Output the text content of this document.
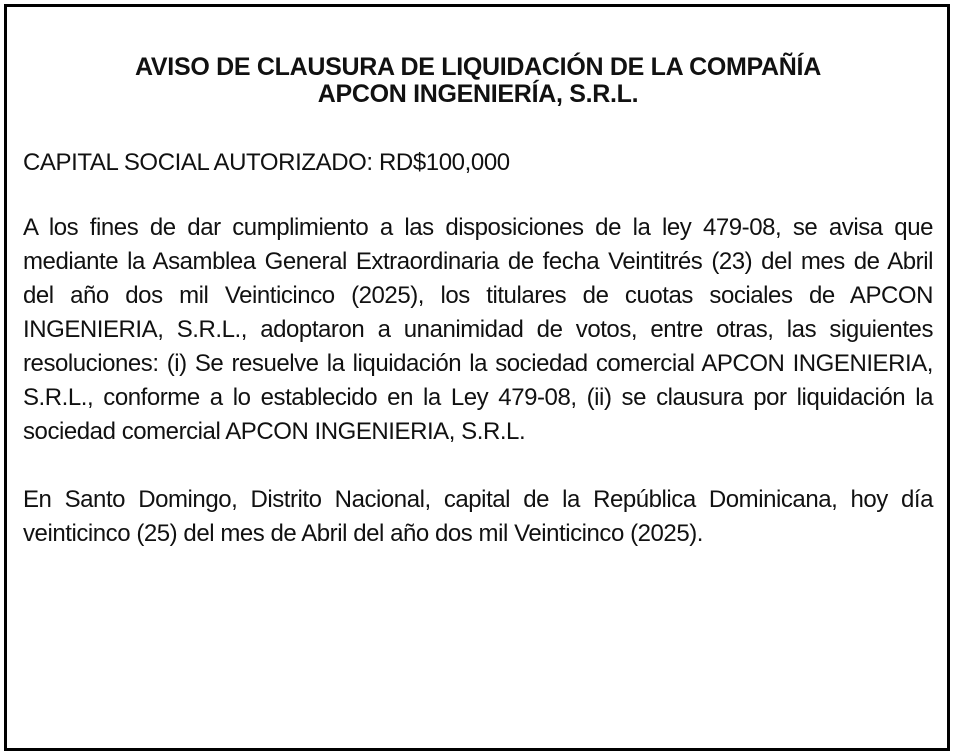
AVISO DE CLAUSURA DE LIQUIDACIÓN DE LA COMPAÑÍA
APCON INGENIERÍA, S.R.L.

CAPITAL SOCIAL AUTORIZADO: RD$100,000

A los fines de dar cumplimiento a las disposiciones de la ley 479-08, se avisa que mediante la Asamblea General Extraordinaria de fecha Veintitrés (23) del mes de Abril del año dos mil Veinticinco (2025), los titulares de cuotas sociales de APCON INGENIERIA, S.R.L., adoptaron a unanimidad de votos, entre otras, las siguientes resoluciones: (i) Se resuelve la liquidación la sociedad comercial APCON INGENIERIA, S.R.L., conforme a lo establecido en la Ley 479-08, (ii) se clausura por liquidación la sociedad comercial APCON INGENIERIA, S.R.L.

En Santo Domingo, Distrito Nacional, capital de la República Dominicana, hoy día veinticinco (25) del mes de Abril del año dos mil Veinticinco (2025).
